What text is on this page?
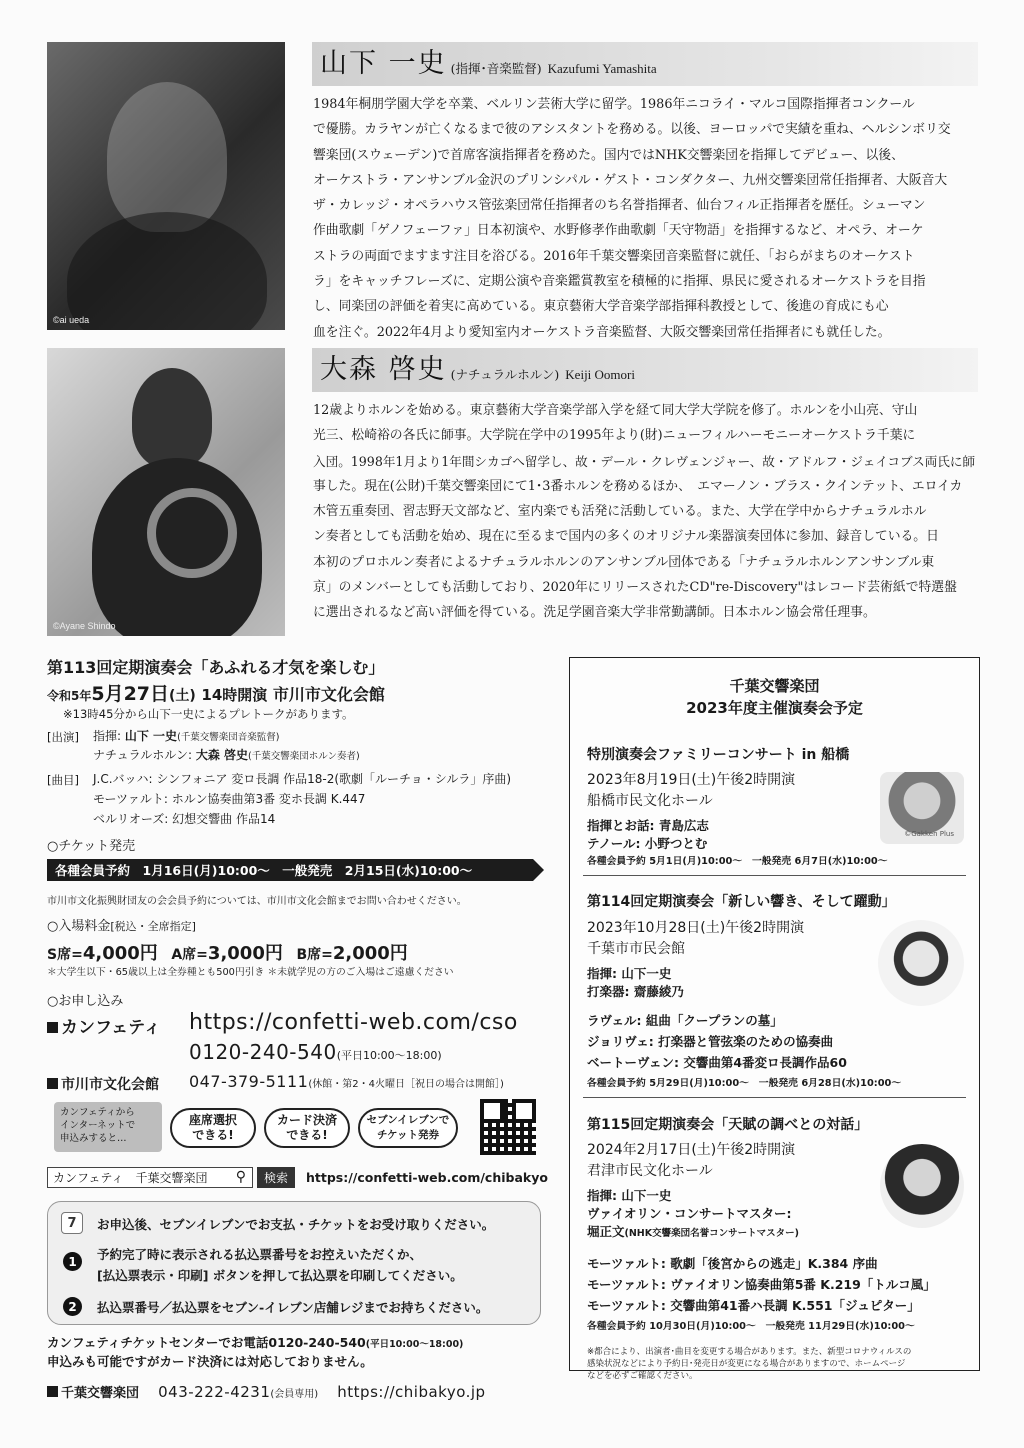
©ai ueda
山下 一史 (指揮･音楽監督) Kazufumi Yamashita
1984年桐朋学園大学を卒業、ベルリン芸術大学に留学。1986年ニコライ・マルコ国際指揮者コンクール
で優勝。カラヤンが亡くなるまで彼のアシスタントを務める。以後、ヨーロッパで実績を重ね、ヘルシンボリ交
響楽団(スウェーデン)で首席客演指揮者を務めた。国内ではNHK交響楽団を指揮してデビュー、以後、
オーケストラ・アンサンブル金沢のプリンシパル・ゲスト・コンダクター、九州交響楽団常任指揮者、大阪音大
ザ・カレッジ・オペラハウス管弦楽団常任指揮者のち名誉指揮者、仙台フィル正指揮者を歴任。シューマン
作曲歌劇「ゲノフェーファ」日本初演や、水野修孝作曲歌劇「天守物語」を指揮するなど、オペラ、オーケ
ストラの両面でますます注目を浴びる。2016年千葉交響楽団音楽監督に就任、「おらがまちのオーケスト
ラ」をキャッチフレーズに、定期公演や音楽鑑賞教室を積極的に指揮、県民に愛されるオーケストラを目指
し、同楽団の評価を着実に高めている。東京藝術大学音楽学部指揮科教授として、後進の育成にも心
血を注ぐ。2022年4月より愛知室内オーケストラ音楽監督、大阪交響楽団常任指揮者にも就任した。
©Ayane Shindo
大森 啓史 (ナチュラルホルン) Keiji Oomori
12歳よりホルンを始める。東京藝術大学音楽学部入学を経て同大学大学院を修了。ホルンを小山亮、守山
光三、松崎裕の各氏に師事。大学院在学中の1995年より(財)ニューフィルハーモニーオーケストラ千葉に
入団。1998年1月より1年間シカゴへ留学し、故・デール・クレヴェンジャー、故・アドルフ・ジェイコブス両氏に師
事した。現在(公財)千葉交響楽団にて1･3番ホルンを務めるほか、　エマーノン・ブラス・クインテット、エロイカ
木管五重奏団、習志野天文部など、室内楽でも活発に活動している。また、大学在学中からナチュラルホル
ン奏者としても活動を始め、現在に至るまで国内の多くのオリジナル楽器演奏団体に参加、録音している。日
本初のプロホルン奏者によるナチュラルホルンのアンサンブル団体である「ナチュラルホルンアンサンブル東
京」のメンバーとしても活動しており、2020年にリリースされたCD"re-Discovery"はレコード芸術紙で特選盤
に選出されるなど高い評価を得ている。洗足学園音楽大学非常勤講師。日本ホルン協会常任理事。
第113回定期演奏会「あふれる才気を楽しむ」
令和5年5月27日(土) 14時開演 市川市文化会館
※13時45分から山下一史によるプレトークがあります。
[出演] 指揮: 山下 一史(千葉交響楽団音楽監督)
ナチュラルホルン: 大森 啓史(千葉交響楽団ホルン奏者)
[曲目] J.C.バッハ: シンフォニア 変ロ長調 作品18-2(歌劇「ルーチョ・シルラ」序曲)
モーツァルト: ホルン協奏曲第3番 変ホ長調 K.447
ベルリオーズ: 幻想交響曲 作品14
○チケット発売
各種会員予約　1月16日(月)10:00～　一般発売　2月15日(水)10:00～
市川市文化振興財団友の会会員予約については、市川市文化会館までお問い合わせください。
○入場料金[税込・全席指定]
S席=4,000円 A席=3,000円 B席=2,000円
＊大学生以下・65歳以上は全券種とも500円引き ＊未就学児の方のご入場はご遠慮ください
○お申し込み
カンフェティ https://confetti-web.com/cso
0120-240-540(平日10:00～18:00)
市川市文化会館 047-379-5111(休館・第2・4火曜日［祝日の場合は開館］)
カンフェティから
インターネットで
申込みすると…
座席選択
できる!
カード決済
できる!
セブンイレブンで
チケット発券
カンフェティ　千葉交響楽団 ⚲	検索	https://confetti-web.com/chibakyo
7	お申込後、セブンイレブンでお支払・チケットをお受け取りください。
1	予約完了時に表示される払込票番号をお控えいただくか、
[払込票表示・印刷] ボタンを押して払込票を印刷してください。
2	払込票番号／払込票をセブン-イレブン店舗レジまでお持ちください。
カンフェティチケットセンターでお電話0120-240-540(平日10:00～18:00)
申込みも可能ですがカード決済には対応しておりません。
千葉交響楽団 043-222-4231(会員専用) https://chibakyo.jp
千葉交響楽団
2023年度主催演奏会予定
特別演奏会ファミリーコンサート in 船橋
2023年8月19日(土)午後2時開演
船橋市民文化ホール
指揮とお話: 青島広志
テノール: 小野つとむ
各種会員予約 5月1日(月)10:00～　一般発売 6月7日(水)10:00～
©Gakken Plus
第114回定期演奏会「新しい響き、そして躍動」
2023年10月28日(土)午後2時開演
千葉市市民会館
指揮: 山下一史
打楽器: 齋藤綾乃
ラヴェル: 組曲「クープランの墓」
ジョリヴェ: 打楽器と管弦楽のための協奏曲
ベートーヴェン: 交響曲第4番変ロ長調作品60
各種会員予約 5月29日(月)10:00～　一般発売 6月28日(水)10:00～
第115回定期演奏会「天賦の調べとの対話」
2024年2月17日(土)午後2時開演
君津市民文化ホール
指揮: 山下一史
ヴァイオリン・コンサートマスター:
堀正文(NHK交響楽団名誉コンサートマスター)
モーツァルト: 歌劇「後宮からの逃走」K.384 序曲
モーツァルト: ヴァイオリン協奏曲第5番 K.219「トルコ風」
モーツァルト: 交響曲第41番ハ長調 K.551「ジュピター」
各種会員予約 10月30日(月)10:00～　一般発売 11月29日(水)10:00～
※都合により、出演者･曲目を変更する場合があります。また、新型コロナウィルスの
感染状況などにより予約日･発売日が変更になる場合がありますので、ホームページ
などを必ずご確認ください。
